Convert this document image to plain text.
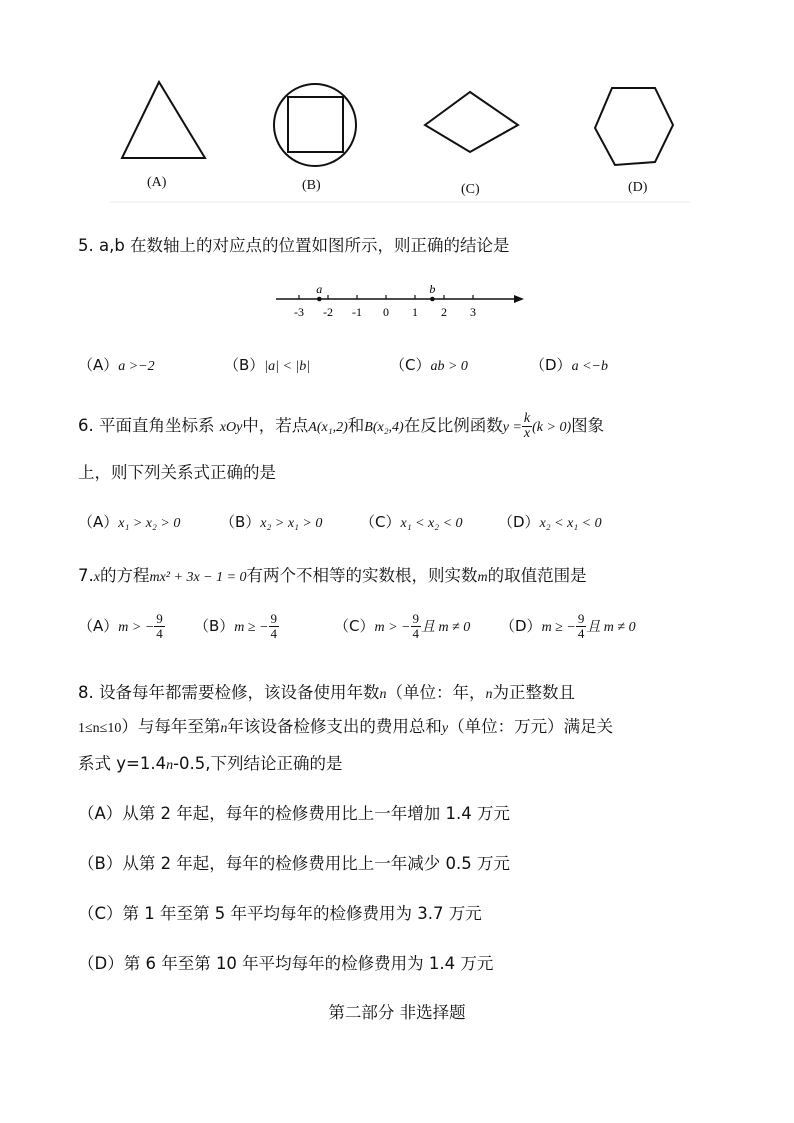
(A)	(B)	(C)	(D)
5. a,b 在数轴上的对应点的位置如图所示，则正确的结论是
-3 -2 -1 0 1 2 3
a	b
（A）a >−2	（B）|a| < |b|	（C）ab > 0	（D）a <−b
6. 平面直角坐标系 xOy中，若点A(x₁,2)和B(x₂,4)在反比例函数$y = \frac{k}{x} (k > 0)$图象
上，则下列关系式正确的是
（A）x₁ > x₂ > 0	（B）x₂ > x₁ > 0	（C）x₁ < x₂ < 0 （D）x₂ < x₁ < 0
7.x的方程mx² + 3x − 1 = 0有两个不相等的实数根，则实数m的取值范围是
（A）m > − $\frac{9}{4} (B)m$ ≥ − $\frac{9}{4}$	（C）m > − $\frac{9}{4}$ 且 m ≠ 0 （D）m ≥ − $\frac{9}{4}$ 且 m ≠ 0
8. 设备每年都需要检修，该设备使用年数n（单位：年，n为正整数且
1≤n≤10）与每年至第n年该设备检修支出的费用总和y（单位：万元）满足关
系式 y=1.4n-0.5,下列结论正确的是
（A）从第 2 年起，每年的检修费用比上一年增加 1.4 万元
（B）从第 2 年起，每年的检修费用比上一年减少 0.5 万元
（C）第 1 年至第 5 年平均每年的检修费用为 3.7 万元
（D）第 6 年至第 10 年平均每年的检修费用为 1.4 万元
第二部分 非选择题
